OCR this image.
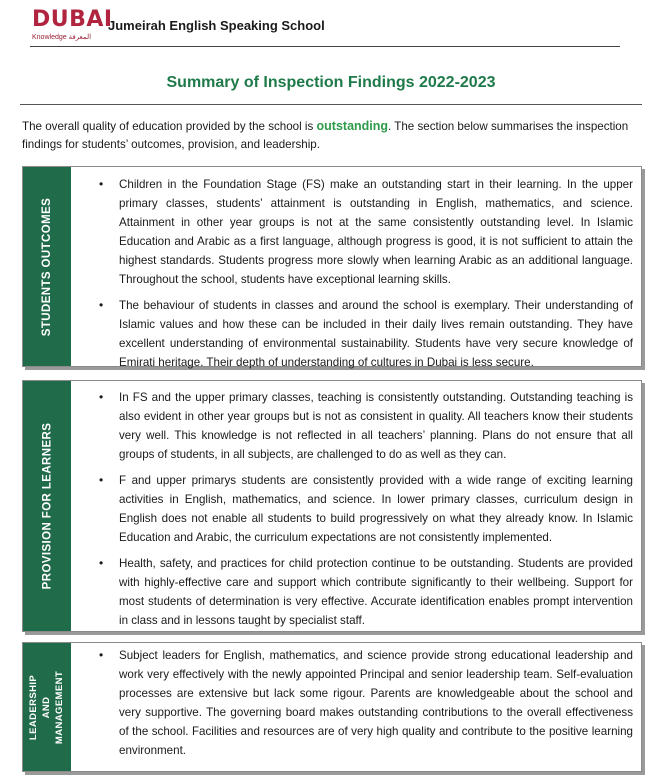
DUBAI
Knowledge المعرفة
Jumeirah English Speaking School
Summary of Inspection Findings 2022-2023

The overall quality of education provided by the school is outstanding. The section below summarises the inspection findings for students’ outcomes, provision, and leadership.

STUDENTS OUTCOMES

• Children in the Foundation Stage (FS) make an outstanding start in their learning. In the upper primary classes, students’ attainment is outstanding in English, mathematics, and science. Attainment in other year groups is not at the same consistently outstanding level. In Islamic Education and Arabic as a first language, although progress is good, it is not sufficient to attain the highest standards. Students progress more slowly when learning Arabic as an additional language. Throughout the school, students have exceptional learning skills.

• The behaviour of students in classes and around the school is exemplary. Their understanding of Islamic values and how these can be included in their daily lives remain outstanding. They have excellent understanding of environmental sustainability. Students have very secure knowledge of Emirati heritage. Their depth of understanding of cultures in Dubai is less secure.

PROVISION FOR LEARNERS

• In FS and the upper primary classes, teaching is consistently outstanding. Outstanding teaching is also evident in other year groups but is not as consistent in quality. All teachers know their students very well. This knowledge is not reflected in all teachers’ planning. Plans do not ensure that all groups of students, in all subjects, are challenged to do as well as they can.

• F and upper primarys students are consistently provided with a wide range of exciting learning activities in English, mathematics, and science. In lower primary classes, curriculum design in English does not enable all students to build progressively on what they already know. In Islamic Education and Arabic, the curriculum expectations are not consistently implemented.

• Health, safety, and practices for child protection continue to be outstanding. Students are provided with highly-effective care and support which contribute significantly to their wellbeing. Support for most students of determination is very effective. Accurate identification enables prompt intervention in class and in lessons taught by specialist staff.

LEADERSHIP AND MANAGEMENT

• Subject leaders for English, mathematics, and science provide strong educational leadership and work very effectively with the newly appointed Principal and senior leadership team. Self-evaluation processes are extensive but lack some rigour. Parents are knowledgeable about the school and very supportive. The governing board makes outstanding contributions to the overall effectiveness of the school. Facilities and resources are of very high quality and contribute to the positive learning environment.
